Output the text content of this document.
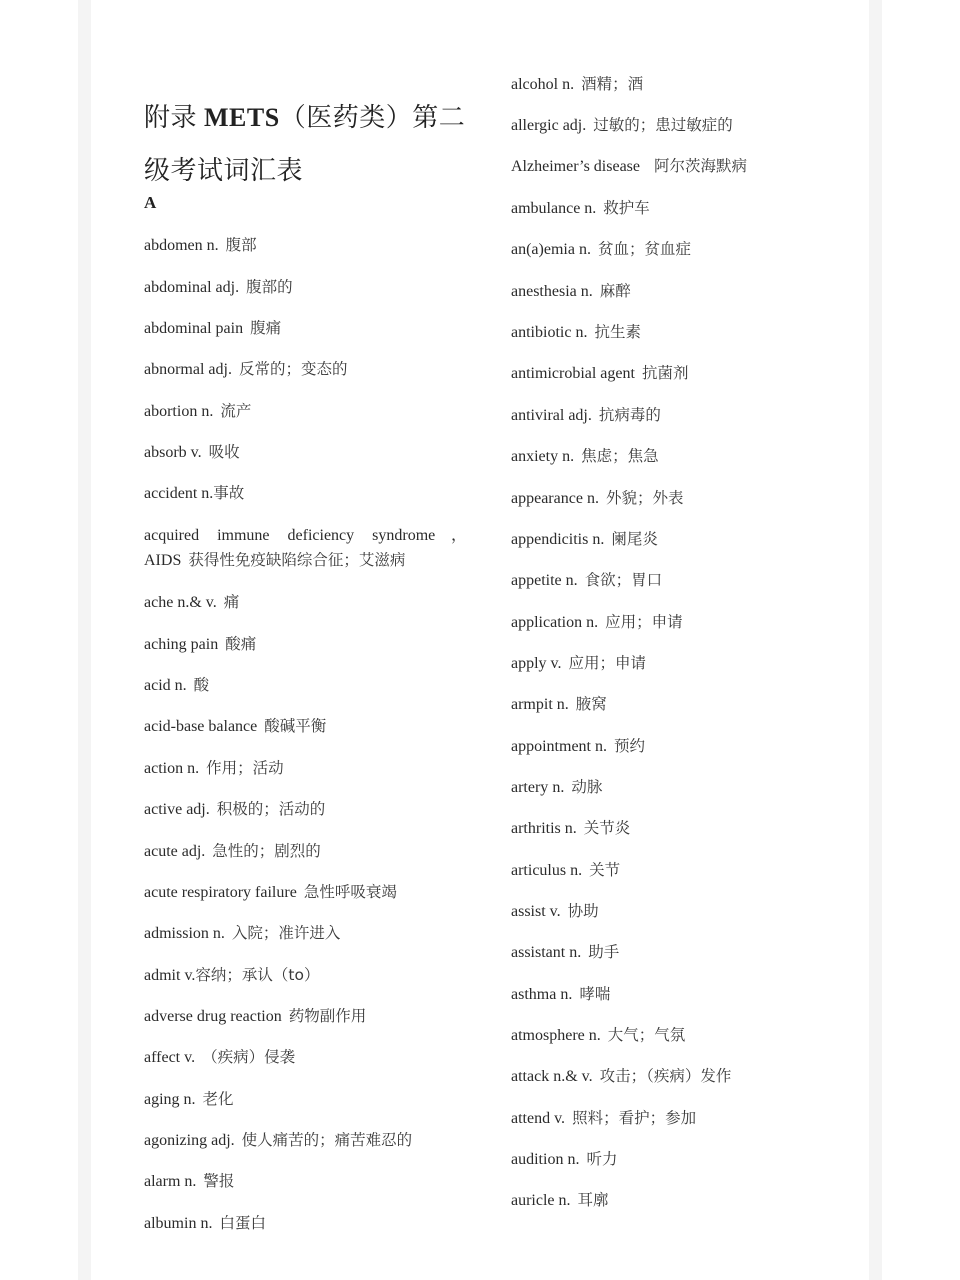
附录 METS（医药类）第二级考试词汇表
A
abdomen n. 腹部
abdominal adj. 腹部的
abdominal pain 腹痛
abnormal adj. 反常的；变态的
abortion n. 流产
absorb v. 吸收
accident n.事故
acquired immune deficiency syndrome ，
AIDS 获得性免疫缺陷综合征；艾滋病
ache n.& v. 痛
aching pain 酸痛
acid n. 酸
acid-base balance 酸碱平衡
action n. 作用；活动
active adj. 积极的；活动的
acute adj. 急性的；剧烈的
acute respiratory failure 急性呼吸衰竭
admission n. 入院；准许进入
admit v.容纳；承认（to）
adverse drug reaction 药物副作用
affect v. （疾病）侵袭
aging n. 老化
agonizing adj. 使人痛苦的；痛苦难忍的
alarm n. 警报
albumin n. 白蛋白
alcohol n. 酒精；酒
allergic adj. 过敏的；患过敏症的
Alzheimer’s disease 阿尔茨海默病
ambulance n. 救护车
an(a)emia n. 贫血；贫血症
anesthesia n. 麻醉
antibiotic n. 抗生素
antimicrobial agent 抗菌剂
antiviral adj. 抗病毒的
anxiety n. 焦虑；焦急
appearance n. 外貌；外表
appendicitis n. 阑尾炎
appetite n. 食欲；胃口
application n. 应用；申请
apply v. 应用；申请
armpit n. 腋窝
appointment n. 预约
artery n. 动脉
arthritis n. 关节炎
articulus n. 关节
assist v. 协助
assistant n. 助手
asthma n. 哮喘
atmosphere n. 大气；气氛
attack n.& v. 攻击；（疾病）发作
attend v. 照料；看护；参加
audition n. 听力
auricle n. 耳廓
